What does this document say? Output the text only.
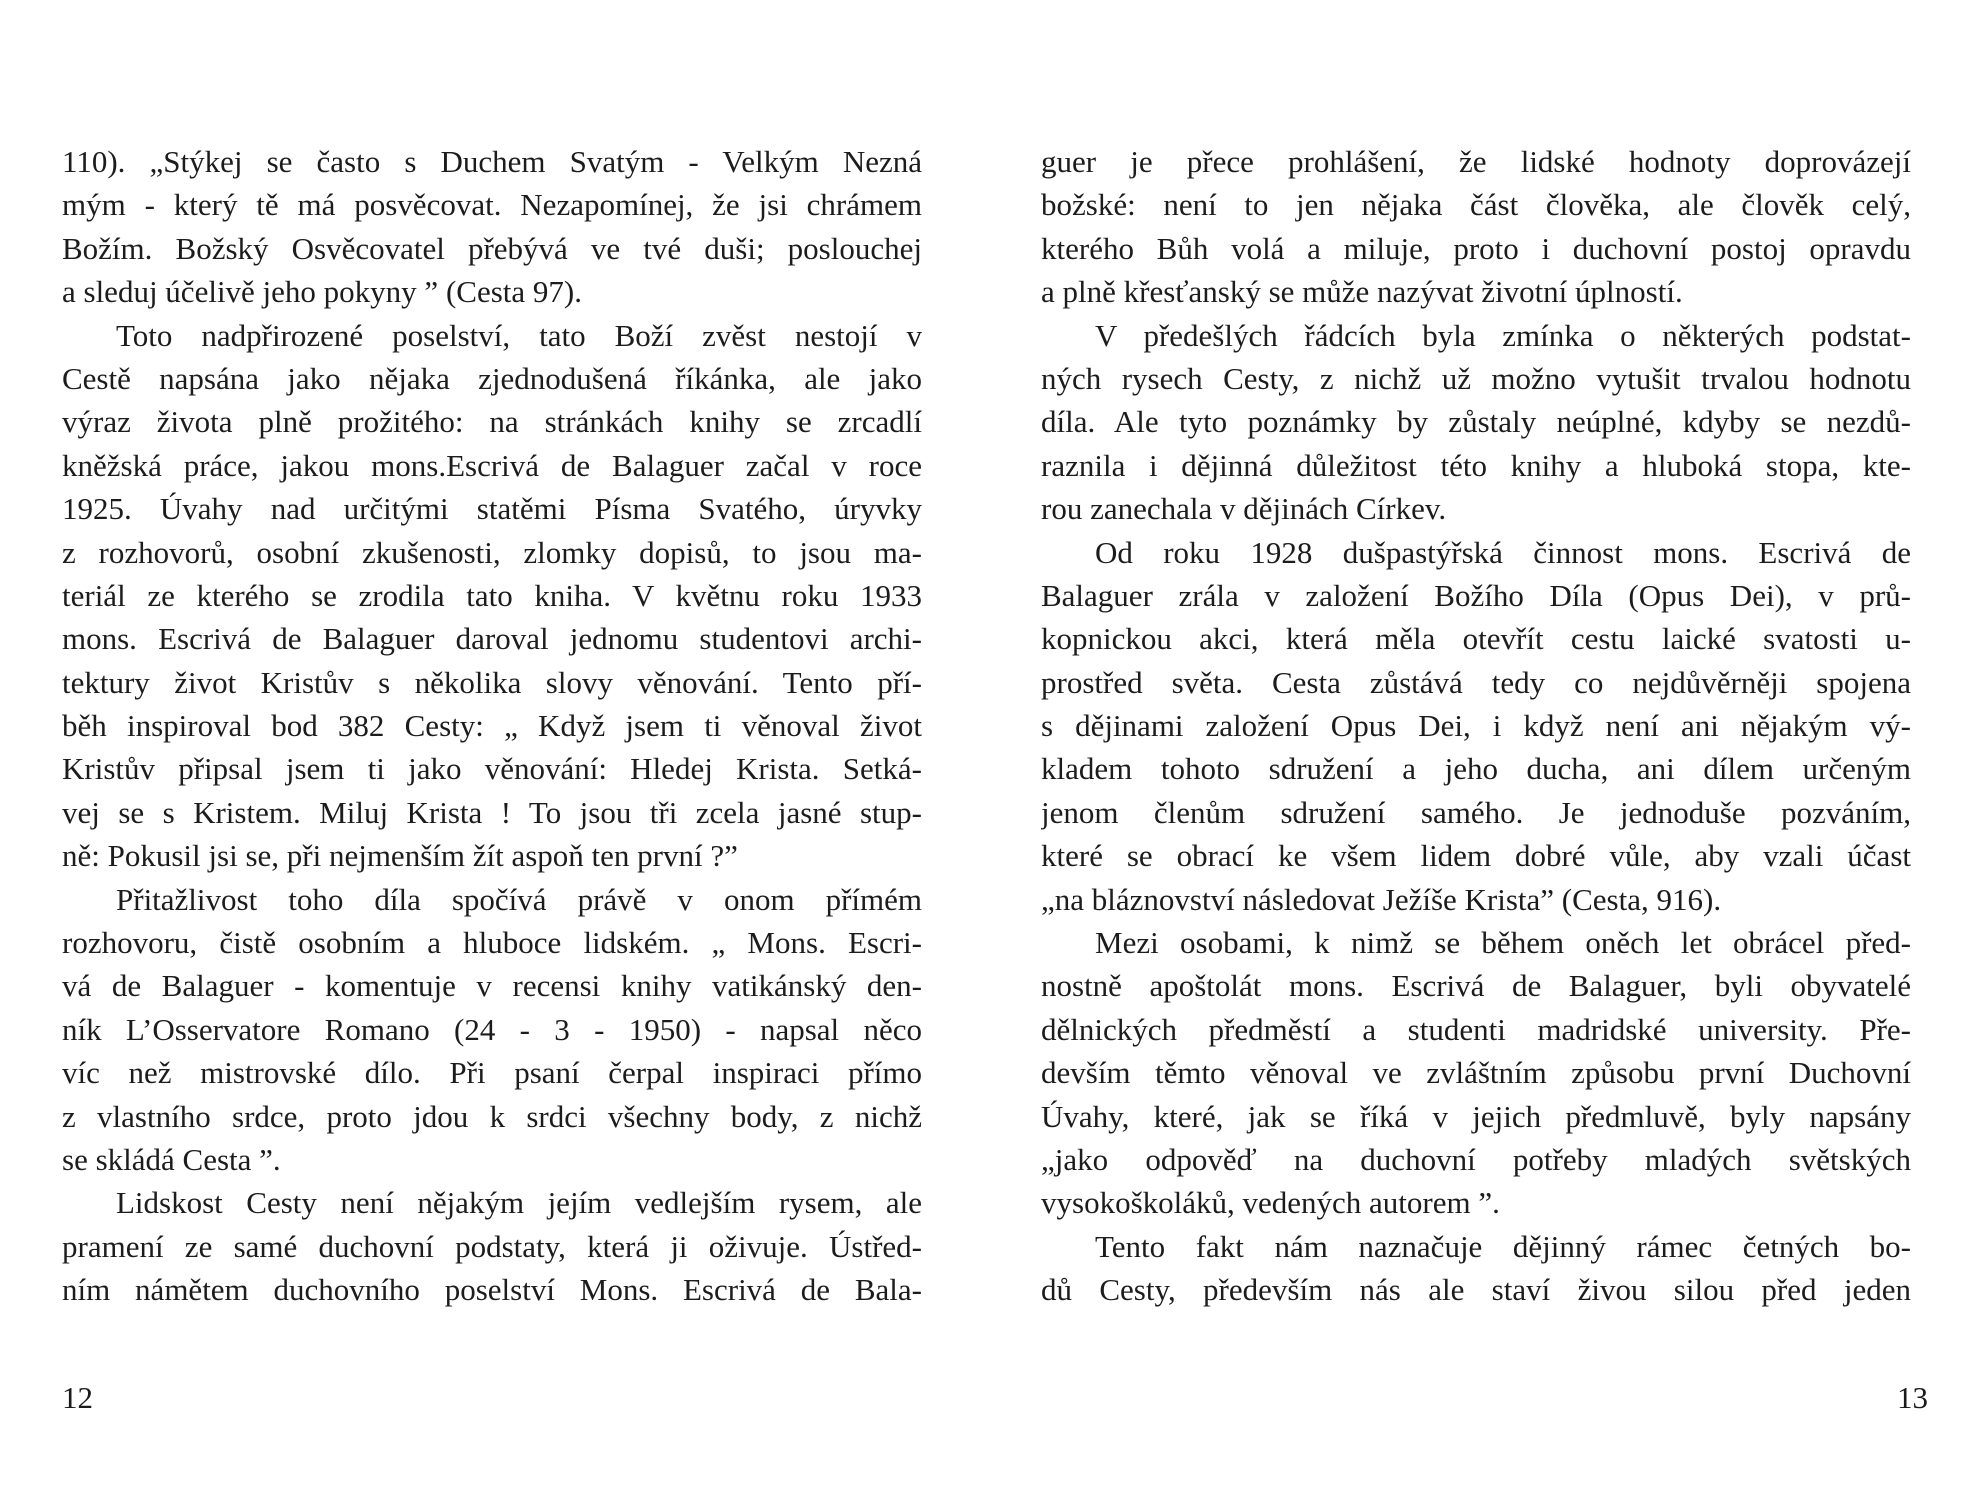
110). „Stýkej se často s Duchem Svatým - Velkým Nezná
mým - který tě má posvěcovat. Nezapomínej, že jsi chrámem
Božím. Božský Osvěcovatel přebývá ve tvé duši; poslouchej
a sleduj účelivě jeho pokyny ” (Cesta 97).
Toto nadpřirozené poselství, tato Boží zvěst nestojí v
Cestě napsána jako nějaka zjednodušená říkánka, ale jako
výraz života plně prožitého: na stránkách knihy se zrcadlí
kněžská práce, jakou mons.Escrivá de Balaguer začal v roce
1925. Úvahy nad určitými statěmi Písma Svatého, úryvky
z rozhovorů, osobní zkušenosti, zlomky dopisů, to jsou ma-
teriál ze kterého se zrodila tato kniha. V květnu roku 1933
mons. Escrivá de Balaguer daroval jednomu studentovi archi-
tektury život Kristův s několika slovy věnování. Tento pří-
běh inspiroval bod 382 Cesty: „ Když jsem ti věnoval život
Kristův připsal jsem ti jako věnování: Hledej Krista. Setká-
vej se s Kristem. Miluj Krista ! To jsou tři zcela jasné stup-
ně: Pokusil jsi se, při nejmenším žít aspoň ten první ?”
Přitažlivost toho díla spočívá právě v onom přímém
rozhovoru, čistě osobním a hluboce lidském. „ Mons. Escri-
vá de Balaguer - komentuje v recensi knihy vatikánský den-
ník L’Osservatore Romano (24 - 3 - 1950) - napsal něco
víc než mistrovské dílo. Při psaní čerpal inspiraci přímo
z vlastního srdce, proto jdou k srdci všechny body, z nichž
se skládá Cesta ”.
Lidskost Cesty není nějakým jejím vedlejším rysem, ale
pramení ze samé duchovní podstaty, která ji oživuje. Ústřed-
ním námětem duchovního poselství Mons. Escrivá de Bala-
12
guer je přece prohlášení, že lidské hodnoty doprovázejí
božské: není to jen nějaka část člověka, ale člověk celý,
kterého Bůh volá a miluje, proto i duchovní postoj opravdu
a plně křesťanský se může nazývat životní úplností.
V předešlých řádcích byla zmínka o některých podstat-
ných rysech Cesty, z nichž už možno vytušit trvalou hodnotu
díla. Ale tyto poznámky by zůstaly neúplné, kdyby se nezdů-
raznila i dějinná důležitost této knihy a hluboká stopa, kte-
rou zanechala v dějinách Církev.
Od roku 1928 dušpastýřská činnost mons. Escrivá de
Balaguer zrála v založení Božího Díla (Opus Dei), v prů-
kopnickou akci, která měla otevřít cestu laické svatosti u-
prostřed světa. Cesta zůstává tedy co nejdůvěrněji spojena
s dějinami založení Opus Dei, i když není ani nějakým vý-
kladem tohoto sdružení a jeho ducha, ani dílem určeným
jenom členům sdružení samého. Je jednoduše pozváním,
které se obrací ke všem lidem dobré vůle, aby vzali účast
„na bláznovství následovat Ježíše Krista” (Cesta, 916).
Mezi osobami, k nimž se během oněch let obrácel před-
nostně apoštolát mons. Escrivá de Balaguer, byli obyvatelé
dělnických předměstí a studenti madridské university. Pře-
devším těmto věnoval ve zvláštním způsobu první Duchovní
Úvahy, které, jak se říká v jejich předmluvě, byly napsány
„jako odpověď na duchovní potřeby mladých světských
vysokoškoláků, vedených autorem ”.
Tento fakt nám naznačuje dějinný rámec četných bo-
dů Cesty, především nás ale staví živou silou před jeden
13
